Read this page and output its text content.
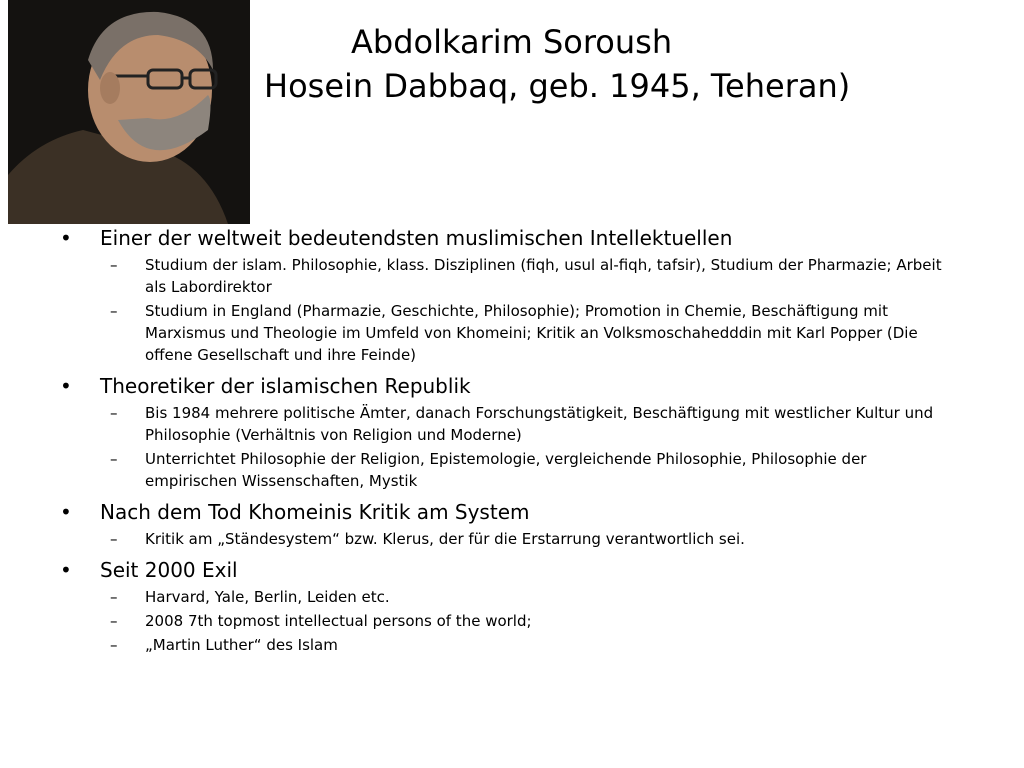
Abdolkarim Soroush
Hosein Dabbaq, geb. 1945, Teheran)
• Einer der weltweit bedeutendsten muslimischen Intellektuellen
– Studium der islam. Philosophie, klass. Disziplinen (fiqh, usul al-fiqh, tafsir), Studium der Pharmazie; Arbeit als Labordirektor
– Studium in England (Pharmazie, Geschichte, Philosophie); Promotion in Chemie, Beschäftigung mit Marxismus und Theologie im Umfeld von Khomeini; Kritik an Volksmoschahedddin mit Karl Popper (Die offene Gesellschaft und ihre Feinde)
• Theoretiker der islamischen Republik
– Bis 1984 mehrere politische Ämter, danach Forschungstätigkeit, Beschäftigung mit westlicher Kultur und Philosophie (Verhältnis von Religion und Moderne)
– Unterrichtet Philosophie der Religion, Epistemologie, vergleichende Philosophie, Philosophie der empirischen Wissenschaften, Mystik
• Nach dem Tod Khomeinis Kritik am System
– Kritik am „Ständesystem“ bzw. Klerus, der für die Erstarrung verantwortlich sei.
• Seit 2000 Exil
– Harvard, Yale, Berlin, Leiden etc.
– 2008 7th topmost intellectual persons of the world;
– „Martin Luther“ des Islam
